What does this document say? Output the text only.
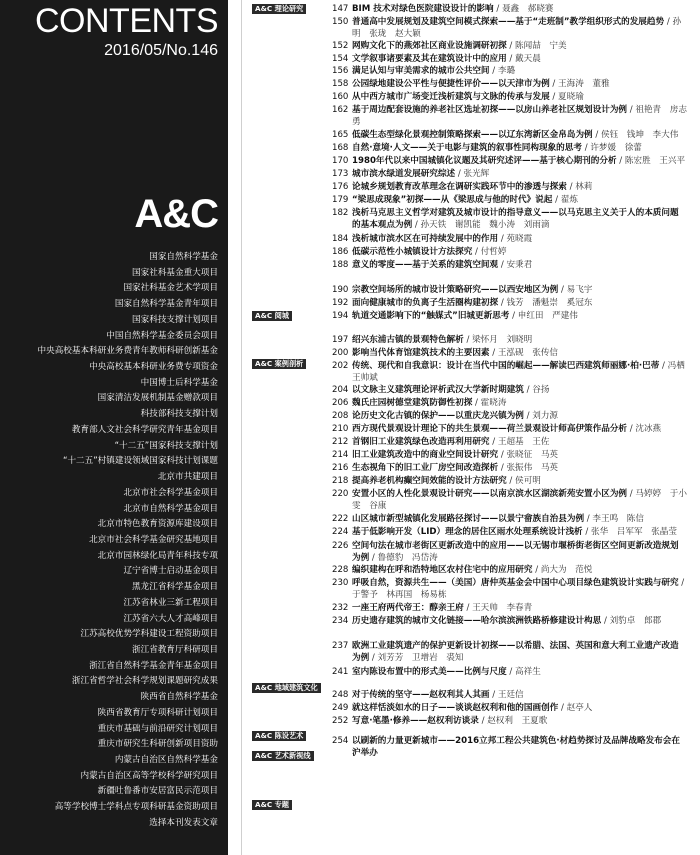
CONTENTS
2016/05/No.146
A&C
国家自然科学基金
国家社科基金重大项目
国家社科基金艺术学项目
国家自然科学基金青年项目
国家科技支撑计划项目
中国自然科学基金委员会项目
中央高校基本科研业务费青年教师科研创新基金
中央高校基本科研业务费专项资金
中国博士后科学基金
国家清洁发展机制基金赠款项目
科技部科技支撑计划
教育部人文社会科学研究青年基金项目
“十二五”国家科技支撑计划
“十二五”村镇建设领域国家科技计划课题
北京市共建项目
北京市社会科学基金项目
北京市自然科学基金项目
北京市特色教育资源库建设项目
北京市社会科学基金研究基地项目
北京市园林绿化局青年科技专项
辽宁省博士启动基金项目
黑龙江省科学基金项目
江苏省林业三新工程项目
江苏省六大人才高峰项目
江苏高校优势学科建设工程资助项目
浙江省教育厅科研项目
浙江省自然科学基金青年基金项目
浙江省哲学社会科学规划课题研究成果
陕西省自然科学基金
陕西省教育厅专项科研计划项目
重庆市基础与前沿研究计划项目
重庆市研究生科研创新项目资助
内蒙古自治区自然科学基金
内蒙古自治区高等学校科学研究项目
新疆吐鲁番市安居富民示范项目
高等学校博士学科点专项科研基金资助项目
选择本刊发表文章
A&C 理论研究
A&C 阅城
A&C 案例剖析
A&C 地域建筑文化
A&C 陈设艺术
A&C 艺术新视线
A&C 专题
147 BIM 技术对绿色医院建设设计的影响 / 聂鑫　郝晓赛
150 普通高中发展规划及建筑空间模式探索——基于“走班制”教学组织形式的发展趋势 / 孙明　张珑　赵大颖
152 网购文化下的燕郊社区商业设施调研初探 / 陈闻喆　宁美
154 文学叙事诸要素及其在建筑设计中的应用 / 戴天晨
156 满足认知与审美需求的城市公共空间 / 李璐
158 公园绿地建设公平性与便捷性评价——以天津市为例 / 王海涛　董雅
160 从中西方城市广场变迁浅析建筑与文脉的传承与发展 / 夏晓瑜
162 基于周边配套设施的养老社区选址初探——以房山养老社区规划设计为例 / 祖艳青　房志勇
165 低碳生态型绿化景观控制策略探索——以辽东湾新区金帛岛为例 / 侯钰　钱坤　李大伟
168 自然·意境·人文——关于电影与建筑的叙事性同构现象的思考 / 许梦媛　徐蕾
170 1980年代以来中国城镇化议题及其研究述评——基于核心期刊的分析 / 陈宏胜　王兴平
173 城市滨水绿道发展研究综述 / 张光辉
176 论城乡规划教育改革理念在调研实践环节中的渗透与探索 / 林莉
179 “梁思成现象”初探——从《梁思成与他的时代》说起 / 翟炼
182 浅析马克思主义哲学对建筑及城市设计的指导意义——以马克思主义关于人的本质问题的基本观点为例 / 孙天铁　谢凯能　魏小涛　刘雨滴
184 浅析城市滨水区在可持续发展中的作用 / 苑晓霞
186 低碳示范性小城镇设计方法探究 / 付哲婷
188 意义的零度——基于关系的建筑空间观 / 安秉君
190 宗教空间场所的城市设计策略研究——以西安地区为例 / 易飞宇
192 面向健康城市的负离子生活圈构建初探 / 钱芳　潘魁崇　奚冠东
194 轨道交通影响下的“触媒式”旧城更新思考 / 申红田　严建伟
197 绍兴东浦古镇的景观特色解析 / 梁怀月　刘晓明
200 影响当代体育馆建筑技术的主要因素 / 王泓砚　张传信
202 传统、现代和自我意识：设计在当代中国的崛起——解读巴西建筑师丽娜·柏·巴蒂 / 冯栖　王帅斌
204 以文脉主义建筑理论评析武汉大学新时期建筑 / 谷扬
206 魏氏庄园树德堂建筑防御性初探 / 霍晓涛
208 论历史文化古镇的保护——以重庆龙兴镇为例 / 刘力源
210 西方现代景观设计理论下的共生景观——荷兰景观设计师高伊策作品分析 / 沈冰燕
212 首钢旧工业建筑绿色改造再利用研究 / 王超基　王佐
214 旧工业建筑改造中的商业空间设计研究 / 张晓征　马英
216 生态视角下的旧工业厂房空间改造探析 / 张振伟　马英
218 提高养老机构癫空间效能的设计方法研究 / 侯可明
220 安置小区的人性化景观设计研究——以南京滨水区湖滨新苑安置小区为例 / 马婷婷　于小雯　谷康
222 山区城市新型城镇化发展路径探讨——以景宁畲族自治县为例 / 李王鸣　陈信
224 基于低影响开发（LID）理念的居住区雨水处理系统设计浅析 / 张华　吕军军　张晶莹
226 空间句法在城市老街区更新改造中的应用——以无锡市堰桥街老街区空间更新改造规划为例 / 鲁德豹　冯岱涛
228 编织建构在呼和浩特地区农村住宅中的应用研究 / 尚大为　范悦
230 呼吸自然，资源共生——（美国）唐仲英基金会中国中心项目绿色建筑设计实践与研究 / 于警予　林再国　杨易栋
232 一座王府两代帝王：醇亲王府 / 王天帅　李春青
234 历史遗存建筑的城市文化链接——哈尔滨滨洲铁路桥修建设计构思 / 刘豹卓　郎郡
237 欧洲工业建筑遗产的保护更新设计初探——以希腊、法国、英国和意大利工业遗产改造为例 / 刘芳芳　卫增岩　裘知
241 室内陈设布置中的形式美——比例与尺度 / 高祥生
248 对于传统的坚守——赵权利其人其画 / 王廷信
249 就这样恬淡如水的日子——谈谈赵权利和他的国画创作 / 赵亭人
252 写意·笔墨·修养——赵权利访谈录 / 赵权利　王夏歌
254 以刷新的力量更新城市——2016立邦工程公共建筑色·材趋势探讨及品牌战略发布会在沪举办
